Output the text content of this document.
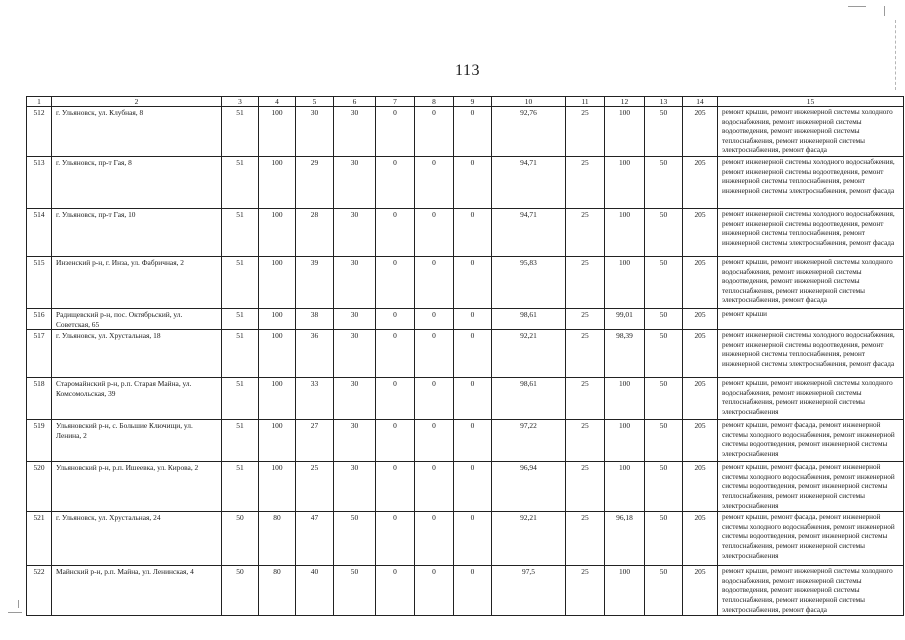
113
1	2	3	4	5	6	7	8	9	10	11	12	13	14	15
512	г. Ульяновск, ул. Клубная, 8	51	100	30	30	0	0	0	92,76	25	100	50	205	ремонт крыши, ремонт инженерной системы холодного водоснабжения, ремонт инженерной системы водоотведения, ремонт инженерной системы теплоснабжения, ремонт инженерной системы электроснабжения, ремонт фасада
513	г. Ульяновск, пр-т Гая, 8	51	100	29	30	0	0	0	94,71	25	100	50	205	ремонт инженерной системы холодного водоснабжения, ремонт инженерной системы водоотведения, ремонт инженерной системы теплоснабжения, ремонт инженерной системы электроснабжения, ремонт фасада
514	г. Ульяновск, пр-т Гая, 10	51	100	28	30	0	0	0	94,71	25	100	50	205	ремонт инженерной системы холодного водоснабжения, ремонт инженерной системы водоотведения, ремонт инженерной системы теплоснабжения, ремонт инженерной системы электроснабжения, ремонт фасада
515	Инзенский р-н, г. Инза, ул. Фабричная, 2	51	100	39	30	0	0	0	95,83	25	100	50	205	ремонт крыши, ремонт инженерной системы холодного водоснабжения, ремонт инженерной системы водоотведения, ремонт инженерной системы теплоснабжения, ремонт инженерной системы электроснабжения, ремонт фасада
516	Радищевский р-н, пос. Октябрьский, ул. Советская, 65	51	100	38	30	0	0	0	98,61	25	99,01	50	205	ремонт крыши
517	г. Ульяновск, ул. Хрустальная, 18	51	100	36	30	0	0	0	92,21	25	98,39	50	205	ремонт инженерной системы холодного водоснабжения, ремонт инженерной системы водоотведения, ремонт инженерной системы теплоснабжения, ремонт инженерной системы электроснабжения, ремонт фасада
518	Старомайнский р-н, р.п. Старая Майна, ул. Комсомольская, 39	51	100	33	30	0	0	0	98,61	25	100	50	205	ремонт крыши, ремонт инженерной системы холодного водоснабжения, ремонт инженерной системы теплоснабжения, ремонт инженерной системы электроснабжения
519	Ульяновский р-н, с. Большие Ключищи, ул. Ленина, 2	51	100	27	30	0	0	0	97,22	25	100	50	205	ремонт крыши, ремонт фасада, ремонт инженерной системы холодного водоснабжения, ремонт инженерной системы водоотведения, ремонт инженерной системы электроснабжения
520	Ульяновский р-н, р.п. Ишеевка, ул. Кирова, 2	51	100	25	30	0	0	0	96,94	25	100	50	205	ремонт крыши, ремонт фасада, ремонт инженерной системы холодного водоснабжения, ремонт инженерной системы водоотведения, ремонт инженерной системы теплоснабжения, ремонт инженерной системы электроснабжения
521	г. Ульяновск, ул. Хрустальная, 24	50	80	47	50	0	0	0	92,21	25	96,18	50	205	ремонт крыши, ремонт фасада, ремонт инженерной системы холодного водоснабжения, ремонт инженерной системы водоотведения, ремонт инженерной системы теплоснабжения, ремонт инженерной системы электроснабжения
522	Майнский р-н, р.п. Майна, ул. Ленинская, 4	50	80	40	50	0	0	0	97,5	25	100	50	205	ремонт крыши, ремонт инженерной системы холодного водоснабжения, ремонт инженерной системы водоотведения, ремонт инженерной системы теплоснабжения, ремонт инженерной системы электроснабжения, ремонт фасада
